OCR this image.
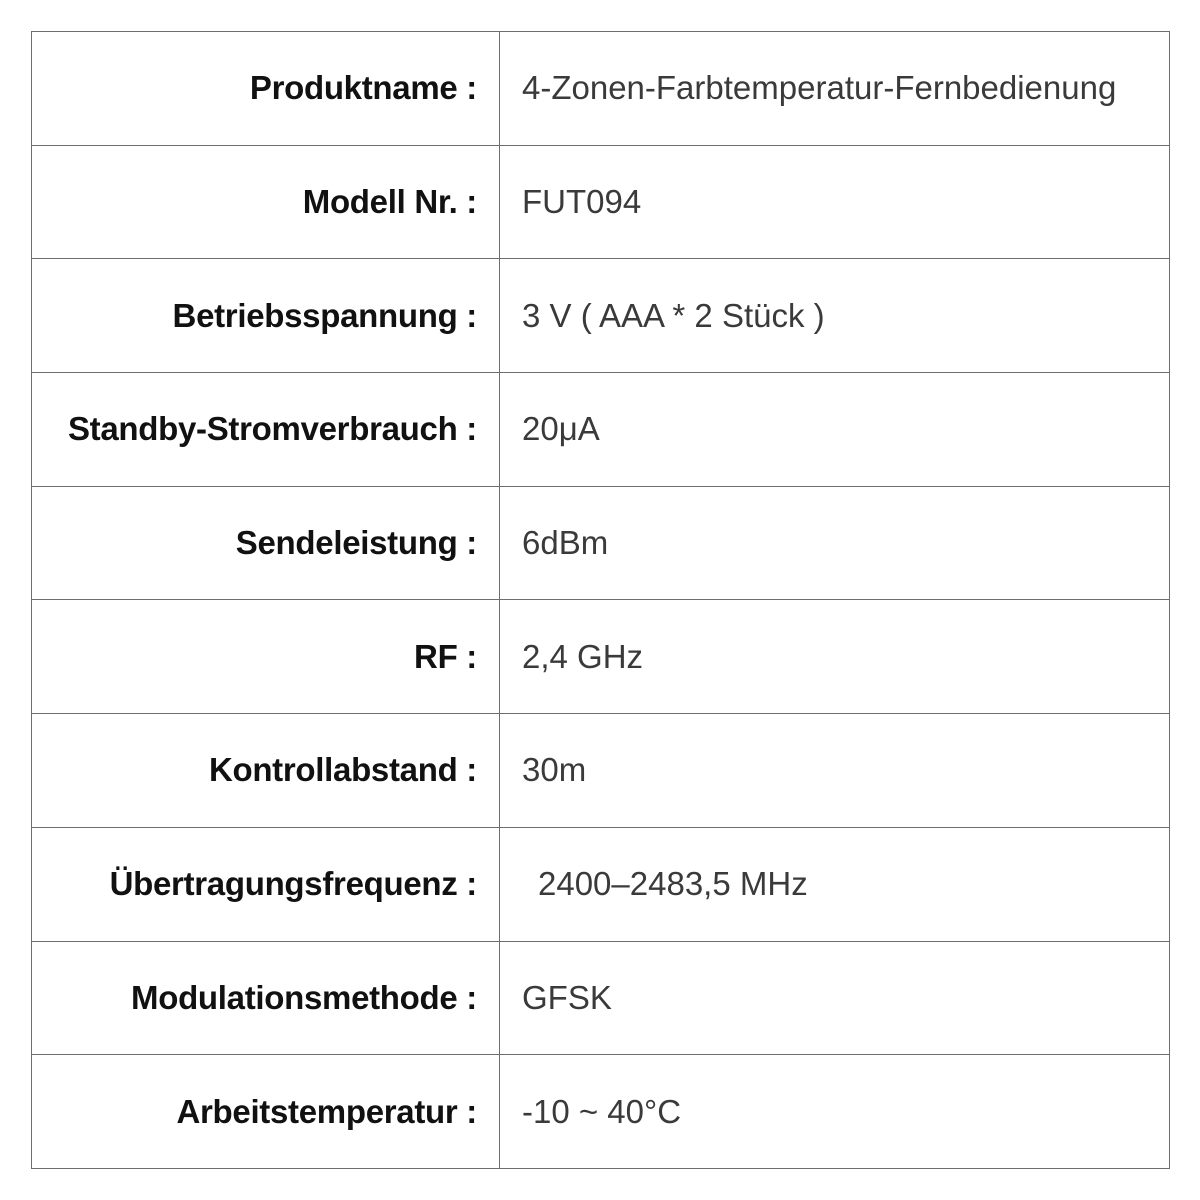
Produktname :	4-Zonen-Farbtemperatur-Fernbedienung
Modell Nr. :	FUT094
Betriebsspannung :	3 V ( AAA * 2 Stück )
Standby-Stromverbrauch :	20μA
Sendeleistung :	6dBm
RF :	2,4 GHz
Kontrollabstand :	30m
Übertragungsfrequenz :	2400–2483,5 MHz
Modulationsmethode :	GFSK
Arbeitstemperatur :	-10 ~ 40°C
